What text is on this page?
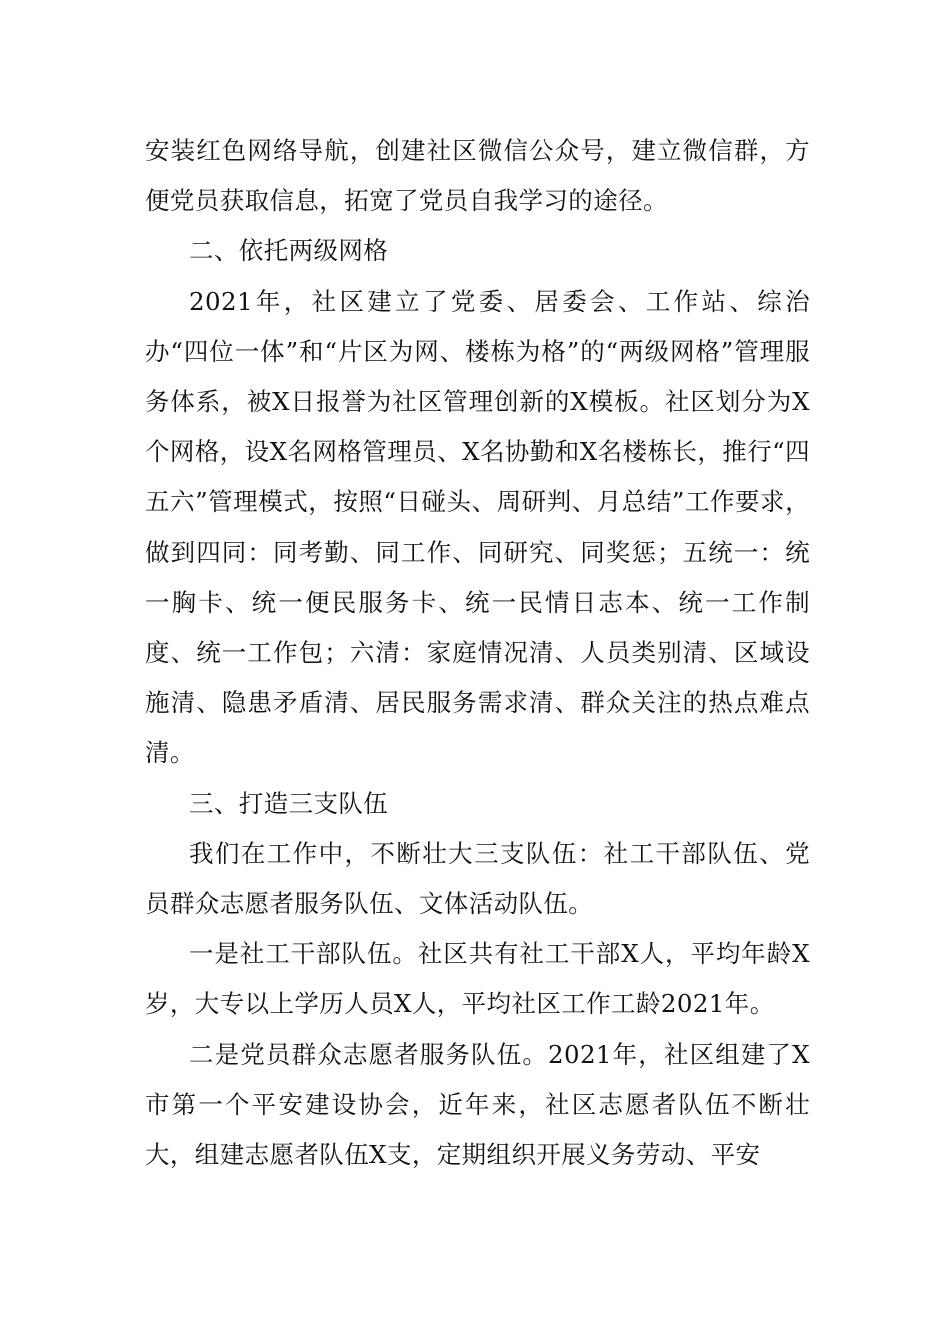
安装红色网络导航，创建社区微信公众号，建立微信群，方便党员获取信息，拓宽了党员自我学习的途径。

二、依托两级网格

2021年，社区建立了党委、居委会、工作站、综治办“四位一体”和“片区为网、楼栋为格”的“两级网格”管理服务体系，被X日报誉为社区管理创新的X模板。社区划分为X个网格，设X名网格管理员、X名协勤和X名楼栋长，推行“四五六”管理模式，按照“日碰头、周研判、月总结”工作要求，做到四同：同考勤、同工作、同研究、同奖惩；五统一：统一胸卡、统一便民服务卡、统一民情日志本、统一工作制度、统一工作包；六清：家庭情况清、人员类别清、区域设施清、隐患矛盾清、居民服务需求清、群众关注的热点难点清。

三、打造三支队伍

我们在工作中，不断壮大三支队伍：社工干部队伍、党员群众志愿者服务队伍、文体活动队伍。

一是社工干部队伍。社区共有社工干部X人，平均年龄X岁，大专以上学历人员X人，平均社区工作工龄2021年。

二是党员群众志愿者服务队伍。2021年，社区组建了X市第一个平安建设协会，近年来，社区志愿者队伍不断壮大，组建志愿者队伍X支，定期组织开展义务劳动、平安
